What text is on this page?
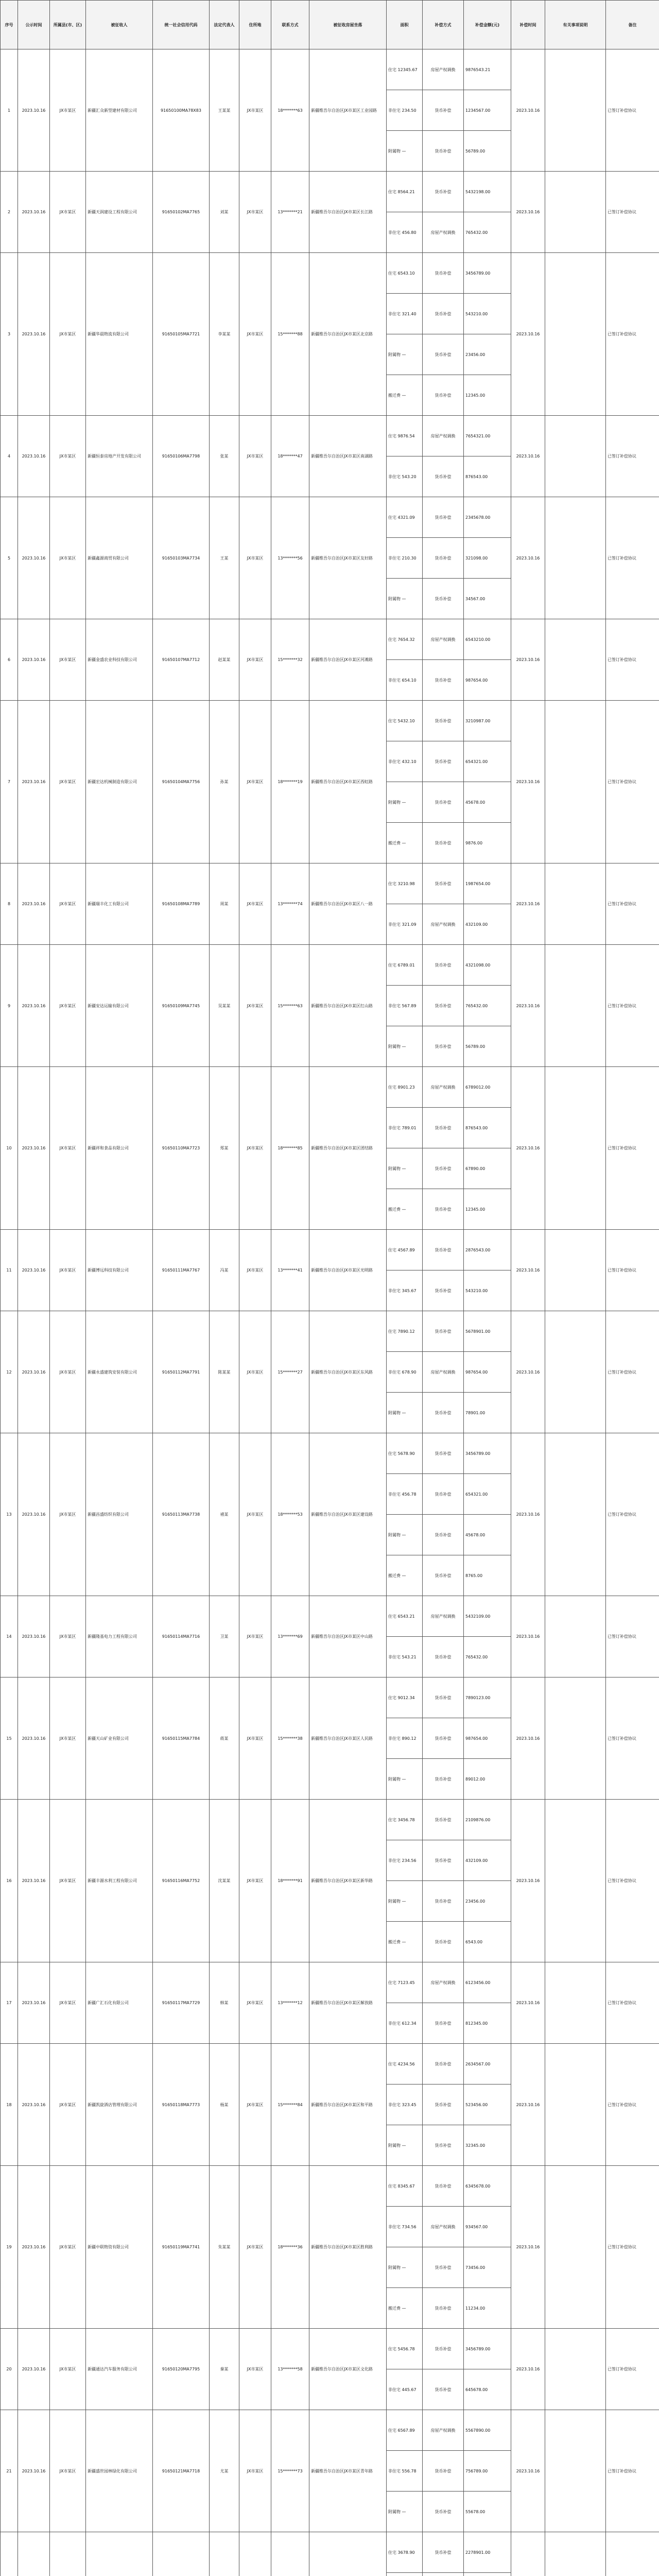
序号	公示时间	所属县(市、区)	被征收人	统一社会信用代码	法定代表人	住所地	联系方式	被征收房屋坐落	面积	补偿方式	补偿金额(元)	补偿时间	有关事项说明	备注
1	2023.10.16	JX市某区	新疆汇众新型建材有限公司	91650100MA78X83	王某某	JX市某区	18*******63	新疆维吾尔自治区JX市某区工业园路	住宅 12345.67	房屋产权调换	9876543.21	2023.10.16		已签订补偿协议
									非住宅 234.50	货币补偿	1234567.00			
									附属物 —	货币补偿	56789.00			
2	2023.10.16	JX市某区	新疆天润建设工程有限公司	91650102MA7765	刘某	JX市某区	13*******21	新疆维吾尔自治区JX市某区长江路	住宅 8564.21	货币补偿	5432198.00	2023.10.16		已签订补偿协议
									非住宅 456.80	房屋产权调换	765432.00			
3	2023.10.16	JX市某区	新疆华晨物流有限公司	91650105MA7721	李某某	JX市某区	15*******88	新疆维吾尔自治区JX市某区北京路	住宅 6543.10	货币补偿	3456789.00	2023.10.16		已签订补偿协议
									非住宅 321.40	货币补偿	543210.00			
									附属物 —	货币补偿	23456.00			
									搬迁费 —	货币补偿	12345.00			
4	2023.10.16	JX市某区	新疆恒泰房地产开发有限公司	91650106MA7798	张某	JX市某区	18*******47	新疆维吾尔自治区JX市某区南湖路	住宅 9876.54	房屋产权调换	7654321.00	2023.10.16		已签订补偿协议
									非住宅 543.20	货币补偿	876543.00			
5	2023.10.16	JX市某区	新疆鑫源商贸有限公司	91650103MA7734	王某	JX市某区	13*******56	新疆维吾尔自治区JX市某区友好路	住宅 4321.09	货币补偿	2345678.00	2023.10.16		已签订补偿协议
									非住宅 210.30	货币补偿	321098.00			
									附属物 —	货币补偿	34567.00			
6	2023.10.16	JX市某区	新疆金盛农业科技有限公司	91650107MA7712	赵某某	JX市某区	15*******32	新疆维吾尔自治区JX市某区河滩路	住宅 7654.32	房屋产权调换	6543210.00	2023.10.16		已签订补偿协议
									非住宅 654.10	货币补偿	987654.00			
7	2023.10.16	JX市某区	新疆宏达机械制造有限公司	91650104MA7756	孙某	JX市某区	18*******19	新疆维吾尔自治区JX市某区西虹路	住宅 5432.10	货币补偿	3210987.00	2023.10.16		已签订补偿协议
									非住宅 432.10	货币补偿	654321.00			
									附属物 —	货币补偿	45678.00			
									搬迁费 —	货币补偿	9876.00			
8	2023.10.16	JX市某区	新疆瑞丰化工有限公司	91650108MA7789	周某	JX市某区	13*******74	新疆维吾尔自治区JX市某区八一路	住宅 3210.98	货币补偿	1987654.00	2023.10.16		已签订补偿协议
									非住宅 321.09	房屋产权调换	432109.00			
9	2023.10.16	JX市某区	新疆安达运输有限公司	91650109MA7745	吴某某	JX市某区	15*******63	新疆维吾尔自治区JX市某区红山路	住宅 6789.01	货币补偿	4321098.00	2023.10.16		已签订补偿协议
									非住宅 567.89	货币补偿	765432.00			
									附属物 —	货币补偿	56789.00			
10	2023.10.16	JX市某区	新疆祥和食品有限公司	91650110MA7723	郑某	JX市某区	18*******85	新疆维吾尔自治区JX市某区团结路	住宅 8901.23	房屋产权调换	6789012.00	2023.10.16		已签订补偿协议
									非住宅 789.01	货币补偿	876543.00			
									附属物 —	货币补偿	67890.00			
									搬迁费 —	货币补偿	12345.00			
11	2023.10.16	JX市某区	新疆博远科技有限公司	91650111MA7767	冯某	JX市某区	13*******41	新疆维吾尔自治区JX市某区光明路	住宅 4567.89	货币补偿	2876543.00	2023.10.16		已签订补偿协议
									非住宅 345.67	货币补偿	543210.00			
12	2023.10.16	JX市某区	新疆永盛建筑安装有限公司	91650112MA7791	陈某某	JX市某区	15*******27	新疆维吾尔自治区JX市某区东风路	住宅 7890.12	货币补偿	5678901.00	2023.10.16		已签订补偿协议
									非住宅 678.90	房屋产权调换	987654.00			
									附属物 —	货币补偿	78901.00			
13	2023.10.16	JX市某区	新疆昌盛纺织有限公司	91650113MA7738	褚某	JX市某区	18*******53	新疆维吾尔自治区JX市某区建设路	住宅 5678.90	货币补偿	3456789.00	2023.10.16		已签订补偿协议
									非住宅 456.78	货币补偿	654321.00			
									附属物 —	货币补偿	45678.00			
									搬迁费 —	货币补偿	8765.00			
14	2023.10.16	JX市某区	新疆隆基电力工程有限公司	91650114MA7716	卫某	JX市某区	13*******69	新疆维吾尔自治区JX市某区中山路	住宅 6543.21	房屋产权调换	5432109.00	2023.10.16		已签订补偿协议
									非住宅 543.21	货币补偿	765432.00			
15	2023.10.16	JX市某区	新疆天山矿业有限公司	91650115MA7784	蒋某	JX市某区	15*******38	新疆维吾尔自治区JX市某区人民路	住宅 9012.34	货币补偿	7890123.00	2023.10.16		已签订补偿协议
									非住宅 890.12	货币补偿	987654.00			
									附属物 —	货币补偿	89012.00			
16	2023.10.16	JX市某区	新疆丰源水利工程有限公司	91650116MA7752	沈某某	JX市某区	18*******91	新疆维吾尔自治区JX市某区新华路	住宅 3456.78	货币补偿	2109876.00	2023.10.16		已签订补偿协议
									非住宅 234.56	货币补偿	432109.00			
									附属物 —	货币补偿	23456.00			
									搬迁费 —	货币补偿	6543.00			
17	2023.10.16	JX市某区	新疆广汇石化有限公司	91650117MA7729	韩某	JX市某区	13*******12	新疆维吾尔自治区JX市某区解放路	住宅 7123.45	房屋产权调换	6123456.00	2023.10.16		已签订补偿协议
									非住宅 612.34	货币补偿	812345.00			
18	2023.10.16	JX市某区	新疆凯旋酒店管理有限公司	91650118MA7773	杨某	JX市某区	15*******84	新疆维吾尔自治区JX市某区和平路	住宅 4234.56	货币补偿	2634567.00	2023.10.16		已签订补偿协议
									非住宅 323.45	货币补偿	523456.00			
									附属物 —	货币补偿	32345.00			
19	2023.10.16	JX市某区	新疆中联物资有限公司	91650119MA7741	朱某某	JX市某区	18*******36	新疆维吾尔自治区JX市某区胜利路	住宅 8345.67	货币补偿	6345678.00	2023.10.16		已签订补偿协议
									非住宅 734.56	房屋产权调换	934567.00			
									附属物 —	货币补偿	73456.00			
									搬迁费 —	货币补偿	11234.00			
20	2023.10.16	JX市某区	新疆通达汽车服务有限公司	91650120MA7795	秦某	JX市某区	13*******58	新疆维吾尔自治区JX市某区文化路	住宅 5456.78	货币补偿	3456789.00	2023.10.16		已签订补偿协议
									非住宅 445.67	货币补偿	645678.00			
21	2023.10.16	JX市某区	新疆盛世园林绿化有限公司	91650121MA7718	尤某	JX市某区	15*******73	新疆维吾尔自治区JX市某区青年路	住宅 6567.89	房屋产权调换	5567890.00	2023.10.16		已签订补偿协议
									非住宅 556.78	货币补偿	756789.00			
									附属物 —	货币补偿	55678.00			
									住宅 3678.90	货币补偿	2278901.00			
